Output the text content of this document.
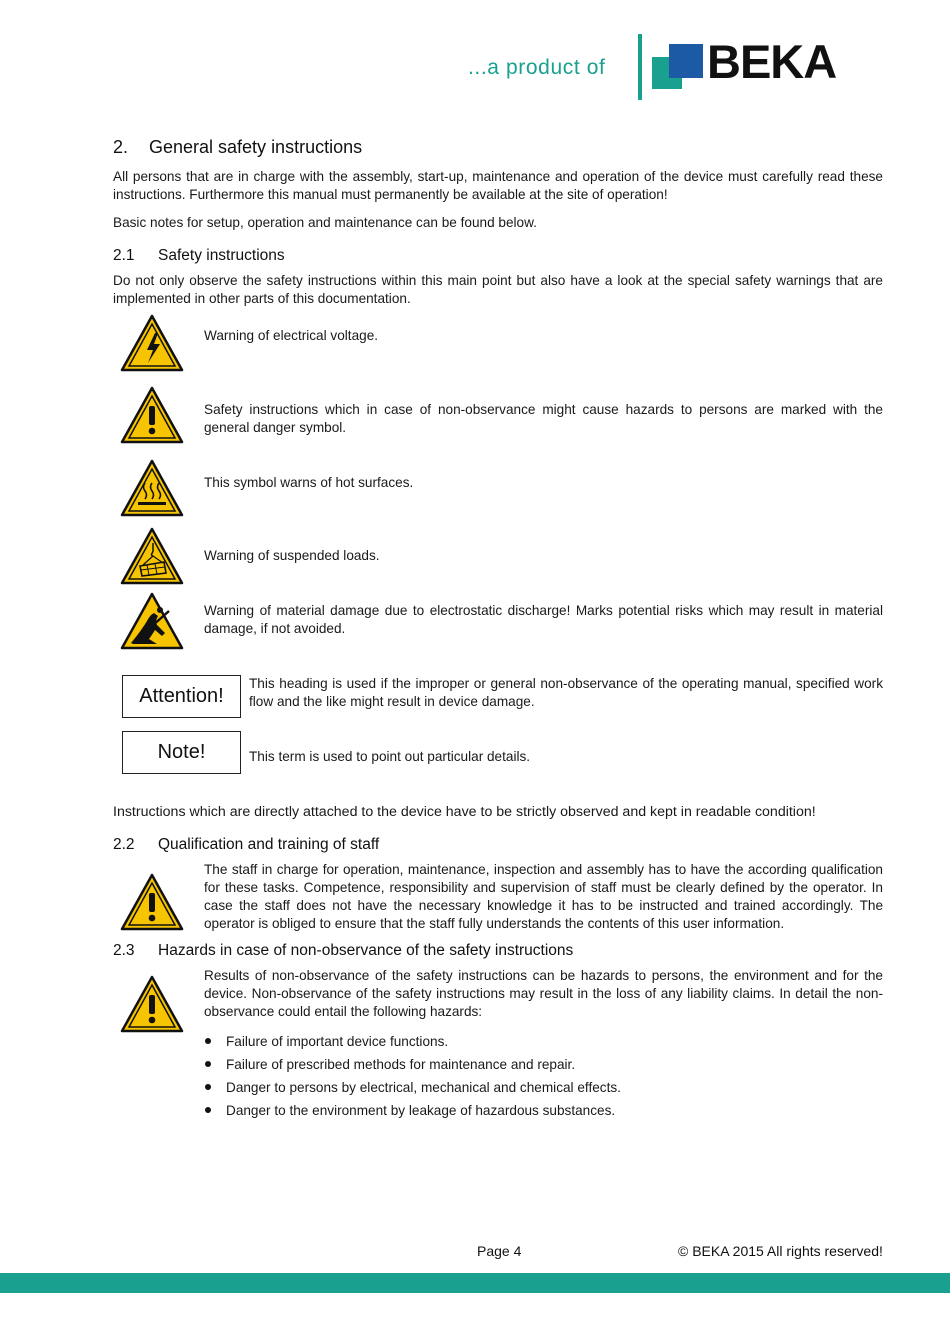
...a product of BEKA
2. General safety instructions
All persons that are in charge with the assembly, start-up, maintenance and operation of the device must carefully read these instructions. Furthermore this manual must permanently be available at the site of operation!
Basic notes for setup, operation and maintenance can be found below.
2.1 Safety instructions
Do not only observe the safety instructions within this main point but also have a look at the special safety warnings that are implemented in other parts of this documentation.
Warning of electrical voltage.
Safety instructions which in case of non-observance might cause hazards to persons are marked with the general danger symbol.
This symbol warns of hot surfaces.
Warning of suspended loads.
Warning of material damage due to electrostatic discharge! Marks potential risks which may result in material damage, if not avoided.
Attention!
This heading is used if the improper or general non-observance of the operating manual, specified work flow and the like might result in device damage.
Note!	This term is used to point out particular details.
Instructions which are directly attached to the device have to be strictly observed and kept in readable condition!
2.2 Qualification and training of staff
The staff in charge for operation, maintenance, inspection and assembly has to have the according qualification for these tasks. Competence, responsibility and supervision of staff must be clearly defined by the operator. In case the staff does not have the necessary knowledge it has to be instructed and trained accordingly. The operator is obliged to ensure that the staff fully understands the contents of this user information.
2.3 Hazards in case of non-observance of the safety instructions
Results of non-observance of the safety instructions can be hazards to persons, the environment and for the device. Non-observance of the safety instructions may result in the loss of any liability claims. In detail the non-observance could entail the following hazards:
Failure of important device functions.
Failure of prescribed methods for maintenance and repair.
Danger to persons by electrical, mechanical and chemical effects.
Danger to the environment by leakage of hazardous substances.
Page 4	© BEKA 2015 All rights reserved!
